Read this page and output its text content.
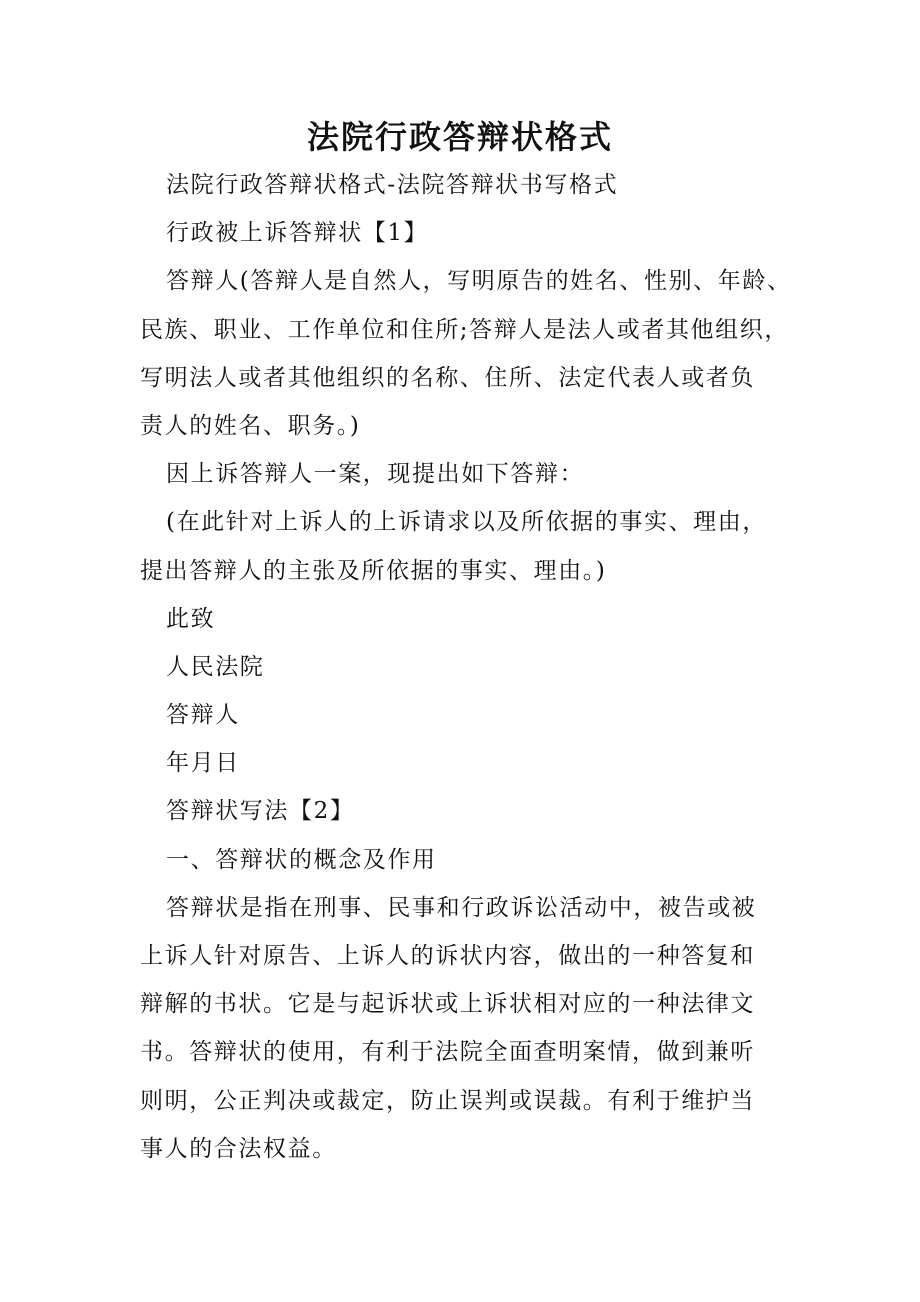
法院行政答辩状格式
法院行政答辩状格式-法院答辩状书写格式
行政被上诉答辩状【1】
答辩人(答辩人是自然人，写明原告的姓名、性别、年龄、
民族、职业、工作单位和住所;答辩人是法人或者其他组织，
写明法人或者其他组织的名称、住所、法定代表人或者负
责人的姓名、职务。)
因上诉答辩人一案，现提出如下答辩：
(在此针对上诉人的上诉请求以及所依据的事实、理由，
提出答辩人的主张及所依据的事实、理由。)
此致
人民法院
答辩人
年月日
答辩状写法【2】
一、答辩状的概念及作用
答辩状是指在刑事、民事和行政诉讼活动中，被告或被
上诉人针对原告、上诉人的诉状内容，做出的一种答复和
辩解的书状。它是与起诉状或上诉状相对应的一种法律文
书。答辩状的使用，有利于法院全面查明案情，做到兼听
则明，公正判决或裁定，防止误判或误裁。有利于维护当
事人的合法权益。
